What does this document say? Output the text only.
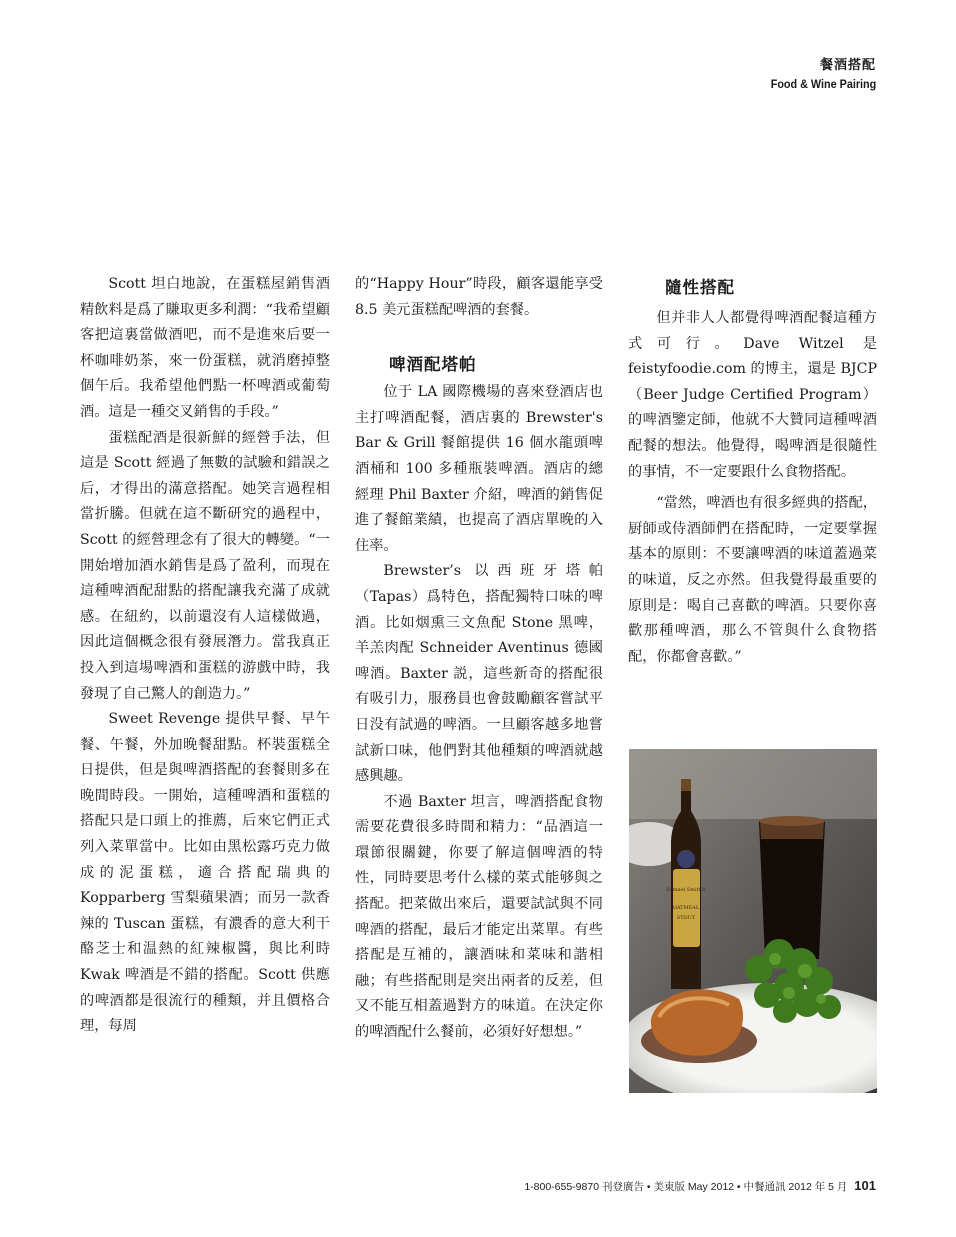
餐酒搭配
Food & Wine Pairing

Scott 坦白地說，在蛋糕屋銷售酒精飲料是爲了賺取更多利潤：“我希望顧客把這裏當做酒吧，而不是進來后要一杯咖啡奶茶，來一份蛋糕，就消磨掉整個午后。我希望他們點一杯啤酒或葡萄酒。這是一種交叉銷售的手段。”

蛋糕配酒是很新鮮的經營手法，但這是 Scott 經過了無數的試驗和錯誤之后，才得出的滿意搭配。她笑言過程相當折騰。但就在這不斷研究的過程中，Scott 的經營理念有了很大的轉變。“一開始增加酒水銷售是爲了盈利，而現在這種啤酒配甜點的搭配讓我充滿了成就感。在紐約，以前還沒有人這樣做過，因此這個概念很有發展潛力。當我真正投入到這場啤酒和蛋糕的游戲中時，我發現了自己驚人的創造力。”

Sweet Revenge 提供早餐、早午餐、午餐，外加晚餐甜點。杯裝蛋糕全日提供，但是與啤酒搭配的套餐則多在晚間時段。一開始，這種啤酒和蛋糕的搭配只是口頭上的推薦，后來它們正式列入菜單當中。比如由黑松露巧克力做成的泥蛋糕，適合搭配瑞典的 Kopparberg 雪梨蘋果酒；而另一款香辣的 Tuscan 蛋糕，有濃香的意大利干酪芝士和温熱的紅辣椒醬，與比利時 Kwak 啤酒是不錯的搭配。Scott 供應的啤酒都是很流行的種類，并且價格合理，每周

的“Happy Hour”時段，顧客還能享受 8.5 美元蛋糕配啤酒的套餐。

啤酒配塔帕

位于 LA 國際機場的喜來登酒店也主打啤酒配餐，酒店裏的 Brewster's Bar & Grill 餐館提供 16 個水龍頭啤酒桶和 100 多種瓶裝啤酒。酒店的總經理 Phil Baxter 介紹，啤酒的銷售促進了餐館業績，也提高了酒店單晚的入住率。

Brewster’s 以西班牙塔帕（Tapas）爲特色，搭配獨特口味的啤酒。比如烟熏三文魚配 Stone 黑啤，羊羔肉配 Schneider Aventinus 德國啤酒。Baxter 説，這些新奇的搭配很有吸引力，服務員也會鼓勵顧客嘗試平日没有試過的啤酒。一旦顧客越多地嘗試新口味，他們對其他種類的啤酒就越感興趣。

不過 Baxter 坦言，啤酒搭配食物需要花費很多時間和精力：“品酒這一環節很關鍵，你要了解這個啤酒的特性，同時要思考什么樣的菜式能够與之搭配。把菜做出來后，還要試試與不同啤酒的搭配，最后才能定出菜單。有些搭配是互補的，讓酒味和菜味和諧相融；有些搭配則是突出兩者的反差，但又不能互相蓋過對方的味道。在決定你的啤酒配什么餐前，必須好好想想。”

隨性搭配

但并非人人都覺得啤酒配餐這種方式可行。Dave Witzel 是 feistyfoodie.com 的博主，還是 BJCP（Beer Judge Certified Program）的啤酒鑒定師，他就不大贊同這種啤酒配餐的想法。他覺得，喝啤酒是很隨性的事情，不一定要跟什么食物搭配。

“當然，啤酒也有很多經典的搭配，厨師或侍酒師們在搭配時，一定要掌握基本的原則：不要讓啤酒的味道蓋過菜的味道，反之亦然。但我覺得最重要的原則是：喝自己喜歡的啤酒。只要你喜歡那種啤酒，那么不管與什么食物搭配，你都會喜歡。”

Samuel Smith's
OATMEAL
STOUT
1-800-655-9870 刊登廣告 • 美東版 May 2012 • 中餐通訊 2012 年 5 月 101
